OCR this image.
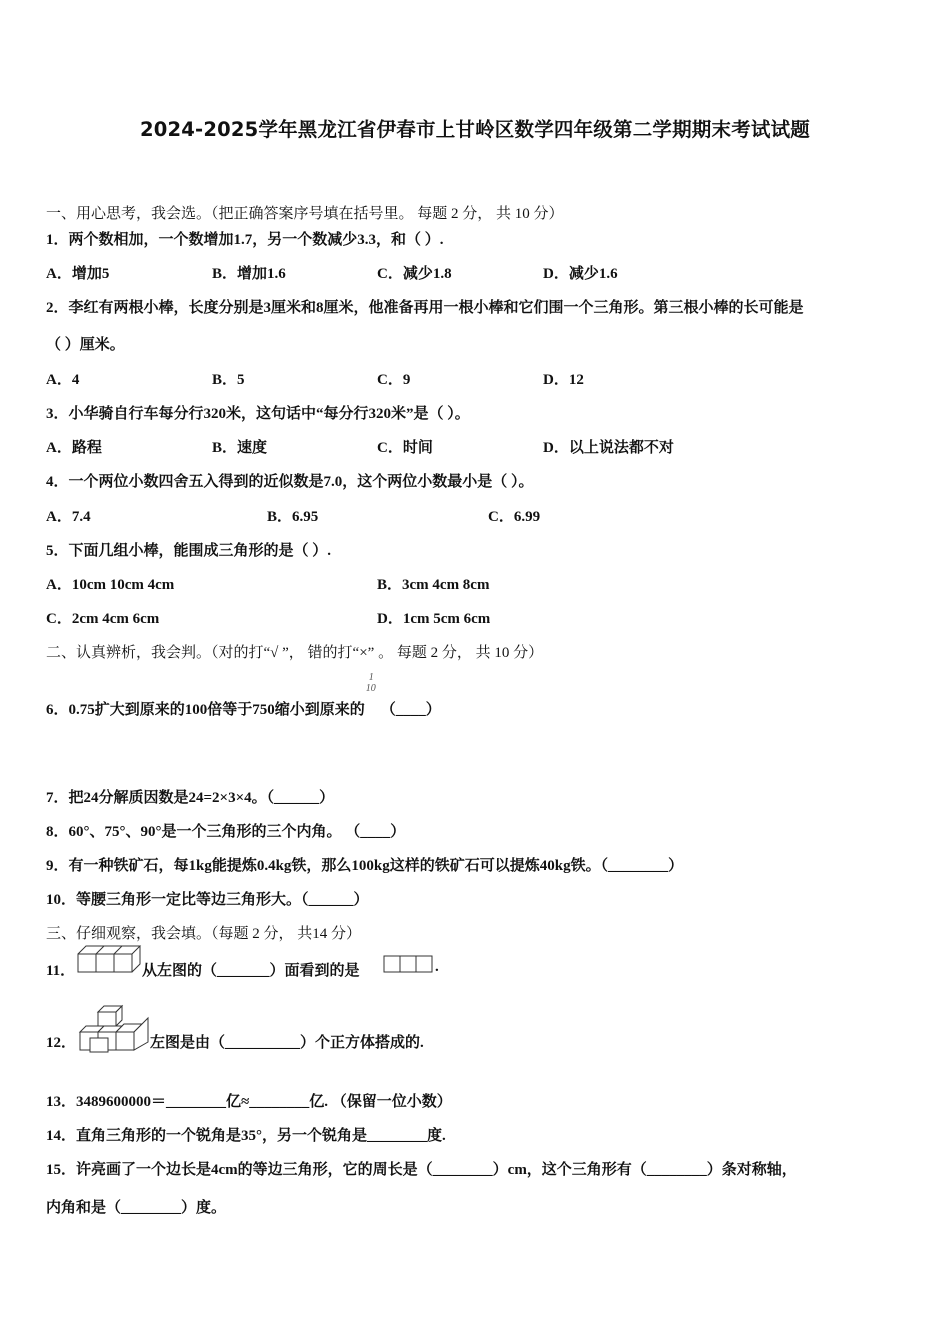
2024-2025学年黑龙江省伊春市上甘岭区数学四年级第二学期期末考试试题
一、用心思考，我会选。（把正确答案序号填在括号里。 每题 2 分， 共 10 分）
1．两个数相加，一个数增加1.7，另一个数减少3.3，和（ ）.
A．增加5	B．增加1.6	C．减少1.8	D．减少1.6
2．李红有两根小棒，长度分别是3厘米和8厘米，他准备再用一根小棒和它们围一个三角形。第三根小棒的长可能是
（ ）厘米。
A．4	B．5	C．9	D．12
3．小华骑自行车每分行320米，这句话中“每分行320米”是（ ）。
A．路程	B．速度	C．时间	D．以上说法都不对
4．一个两位小数四舍五入得到的近似数是7.0，这个两位小数最小是（ ）。
A．7.4	B．6.95	C．6.99
5．下面几组小棒，能围成三角形的是（ ）.
A．10cm 10cm 4cm	B．3cm 4cm 8cm
C．2cm 4cm 6cm	D．1cm 5cm 6cm
二、认真辨析，我会判。（对的打“√ ”， 错的打“×” 。 每题 2 分， 共 10 分）
6．0.75扩大到原来的100倍等于750缩小到原来的
1
10
（____）
7．把24分解质因数是24=2×3×4。（______）
8．60°、75°、90°是一个三角形的三个内角。 （____）
9．有一种铁矿石，每1kg能提炼0.4kg铁，那么100kg这样的铁矿石可以提炼40kg铁。（________）
10．等腰三角形一定比等边三角形大。（______）
三、仔细观察，我会填。（每题 2 分， 共14 分）
11．	从左图的（_______）面看到的是	.
12．	左图是由（__________）个正方体搭成的.
13．3489600000＝________亿≈________亿. （保留一位小数）
14．直角三角形的一个锐角是35°，另一个锐角是________度.
15．许亮画了一个边长是4cm的等边三角形，它的周长是（________）cm，这个三角形有（________）条对称轴，
内角和是（________）度。
